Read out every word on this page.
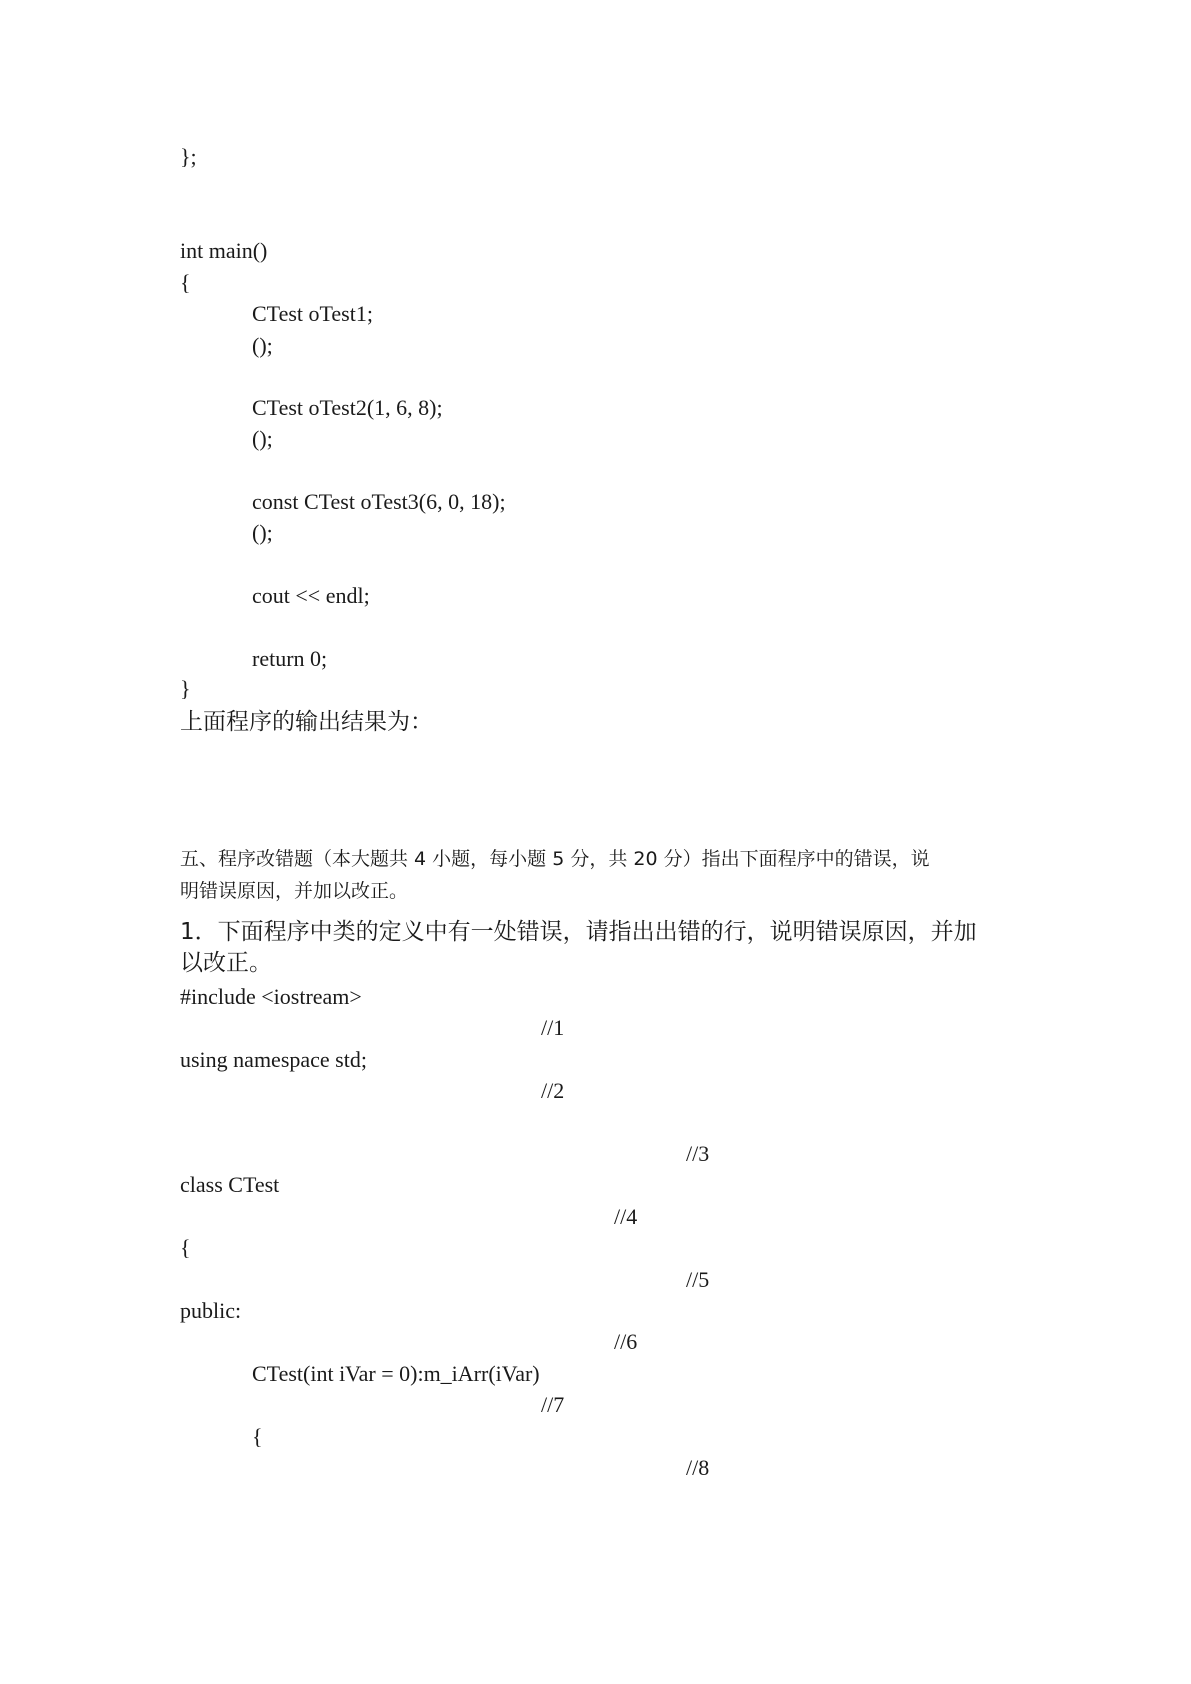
};
int main()
{
CTest oTest1;
();
CTest oTest2(1, 6, 8);
();
const CTest oTest3(6, 0, 18);
();
cout << endl;
return 0;
}
上面程序的输出结果为：
五、程序改错题（本大题共 4 小题，每小题 5 分，共 20 分）指出下面程序中的错误，说
明错误原因，并加以改正。
1．下面程序中类的定义中有一处错误，请指出出错的行，说明错误原因，并加
以改正。
#include <iostream>
//1
using namespace std;
//2
//3
class CTest
//4
{
//5
public:
//6
CTest(int iVar = 0):m_iArr(iVar)
//7
{
//8
